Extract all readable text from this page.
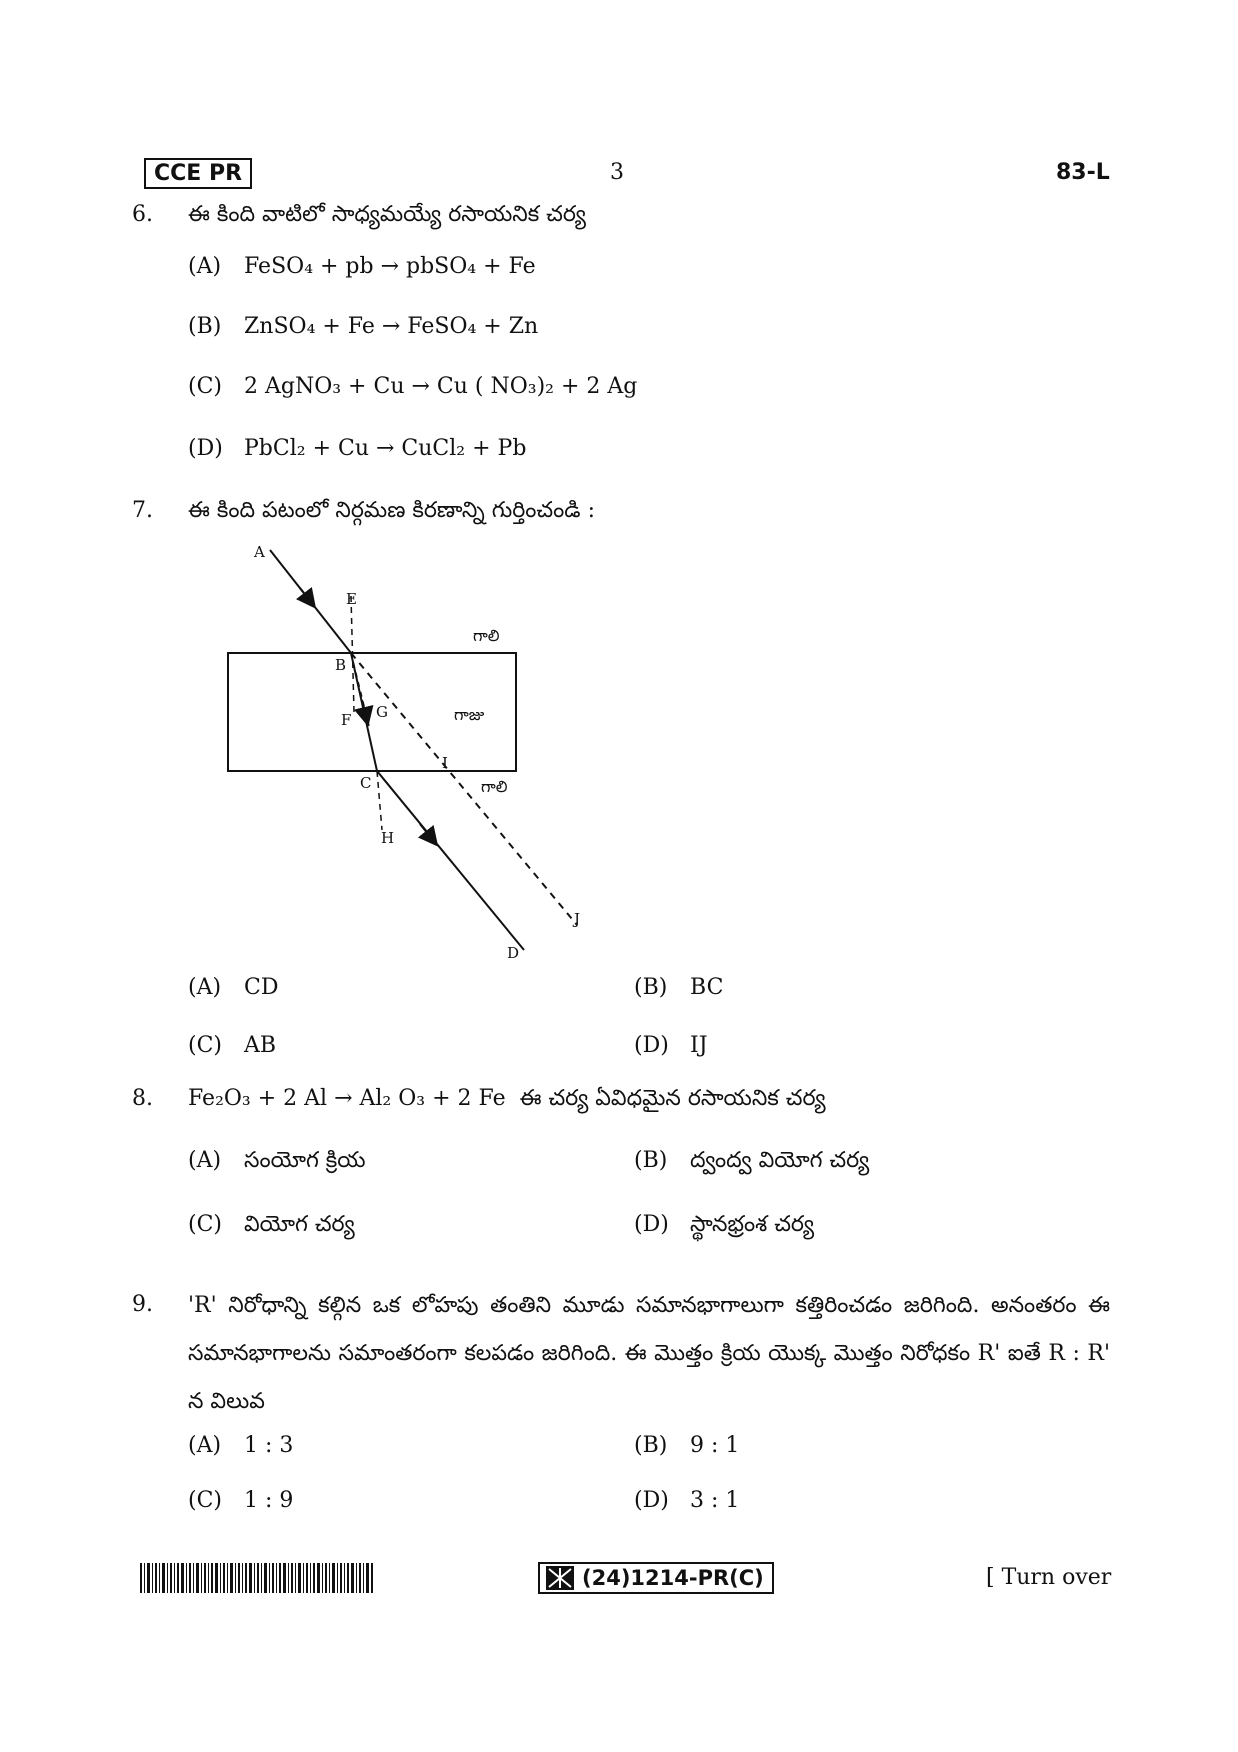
CCE PR	3	83-L
6. ఈ కింది వాటిలో సాధ్యమయ్యే రసాయనిక చర్య
(A) FeSO₄ + pb → pbSO₄ + Fe
(B) ZnSO₄ + Fe → FeSO₄ + Zn
(C) 2 AgNO₃ + Cu → Cu ( NO₃)₂ + 2 Ag
(D) PbCl₂ + Cu → CuCl₂ + Pb
7. ఈ కింది పటంలో నిర్గమణ కిరణాన్ని గుర్తించండి :
A
B
C
D
E
F G
H
I
J
గాలి
గాజు
గాలి
(A) CD	(B) BC
(C) AB	(D) IJ
8. Fe₂O₃ + 2 Al → Al₂ O₃ + 2 Fe ఈ చర్య ఏవిధమైన రసాయనిక చర్య
(A) సంయోగ క్రియ	(B) ద్వంద్వ వియోగ చర్య
(C) వియోగ చర్య	(D) స్థానభ్రంశ చర్య
9. 'R' నిరోధాన్ని కల్గిన ఒక లోహపు తంతిని మూడు సమానభాగాలుగా కత్తిరించడం జరిగింది. అనంతరం ఈ సమానభాగాలను సమాంతరంగా కలపడం జరిగింది. ఈ మొత్తం క్రియ యొక్క మొత్తం నిరోధకం R' ఐతే R : R' న విలువ
(A) 1 : 3	(B) 9 : 1
(C) 1 : 9	(D) 3 : 1
(24)1214-PR(C)	[ Turn over
